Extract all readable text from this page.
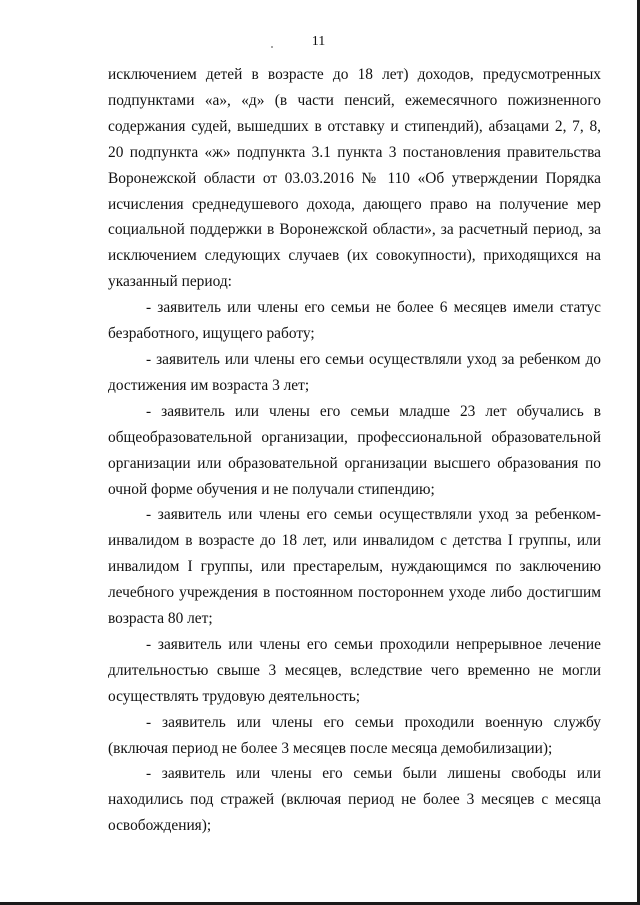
11

исключением детей в возрасте до 18 лет) доходов, предусмотренных подпунктами «а», «д» (в части пенсий, ежемесячного пожизненного содержания судей, вышедших в отставку и стипендий), абзацами 2, 7, 8, 20 подпункта «ж» подпункта 3.1 пункта 3 постановления правительства Воронежской области от 03.03.2016 № 110 «Об утверждении Порядка исчисления среднедушевого дохода, дающего право на получение мер социальной поддержки в Воронежской области», за расчетный период, за исключением следующих случаев (их совокупности), приходящихся на указанный период:

- заявитель или члены его семьи не более 6 месяцев имели статус безработного, ищущего работу;

- заявитель или члены его семьи осуществляли уход за ребенком до достижения им возраста 3 лет;

- заявитель или члены его семьи младше 23 лет обучались в общеобразовательной организации, профессиональной образовательной организации или образовательной организации высшего образования по очной форме обучения и не получали стипендию;

- заявитель или члены его семьи осуществляли уход за ребенком-инвалидом в возрасте до 18 лет, или инвалидом с детства I группы, или инвалидом I группы, или престарелым, нуждающимся по заключению лечебного учреждения в постоянном постороннем уходе либо достигшим возраста 80 лет;

- заявитель или члены его семьи проходили непрерывное лечение длительностью свыше 3 месяцев, вследствие чего временно не могли осуществлять трудовую деятельность;

- заявитель или члены его семьи проходили военную службу (включая период не более 3 месяцев после месяца демобилизации);

- заявитель или члены его семьи были лишены свободы или находились под стражей (включая период не более 3 месяцев с месяца освобождения);
